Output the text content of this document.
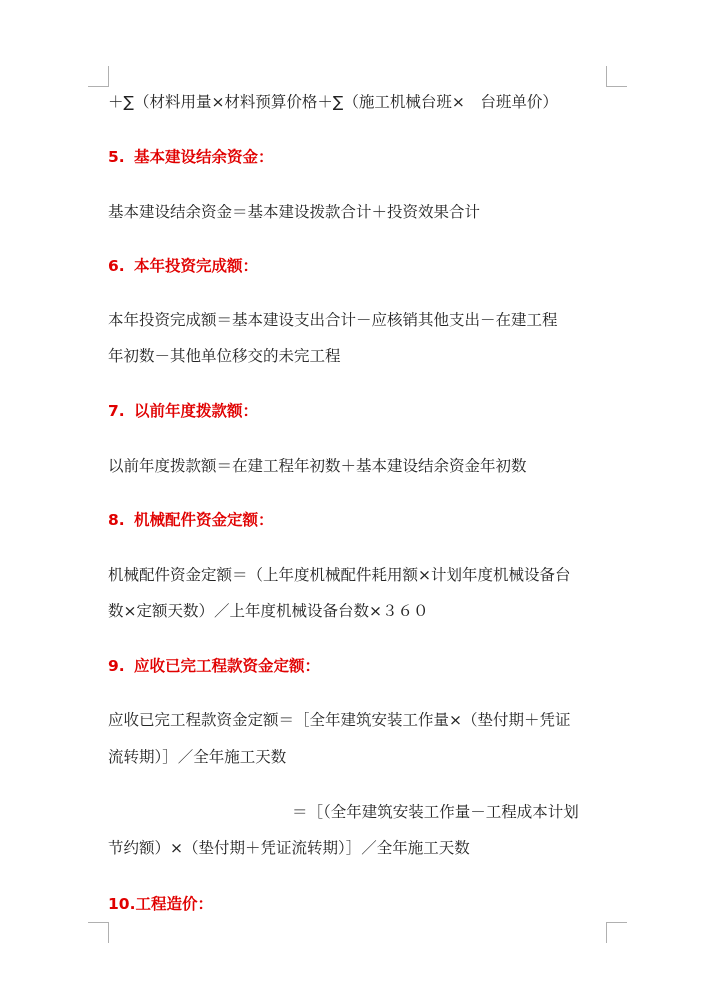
＋∑（材料用量×材料预算价格＋∑（施工机械台班×　台班单价）
5. 基本建设结余资金：
基本建设结余资金＝基本建设拨款合计＋投资效果合计
6. 本年投资完成额：
本年投资完成额＝基本建设支出合计－应核销其他支出－在建工程
年初数－其他单位移交的未完工程
7. 以前年度拨款额：
以前年度拨款额＝在建工程年初数＋基本建设结余资金年初数
8. 机械配件资金定额：
机械配件资金定额＝（上年度机械配件耗用额×计划年度机械设备台
数×定额天数）／上年度机械设备台数×３６０
9. 应收已完工程款资金定额：
应收已完工程款资金定额＝［全年建筑安装工作量×（垫付期＋凭证
流转期）］／全年施工天数
＝［（全年建筑安装工作量－工程成本计划
节约额）×（垫付期＋凭证流转期）］／全年施工天数
10.工程造价：
